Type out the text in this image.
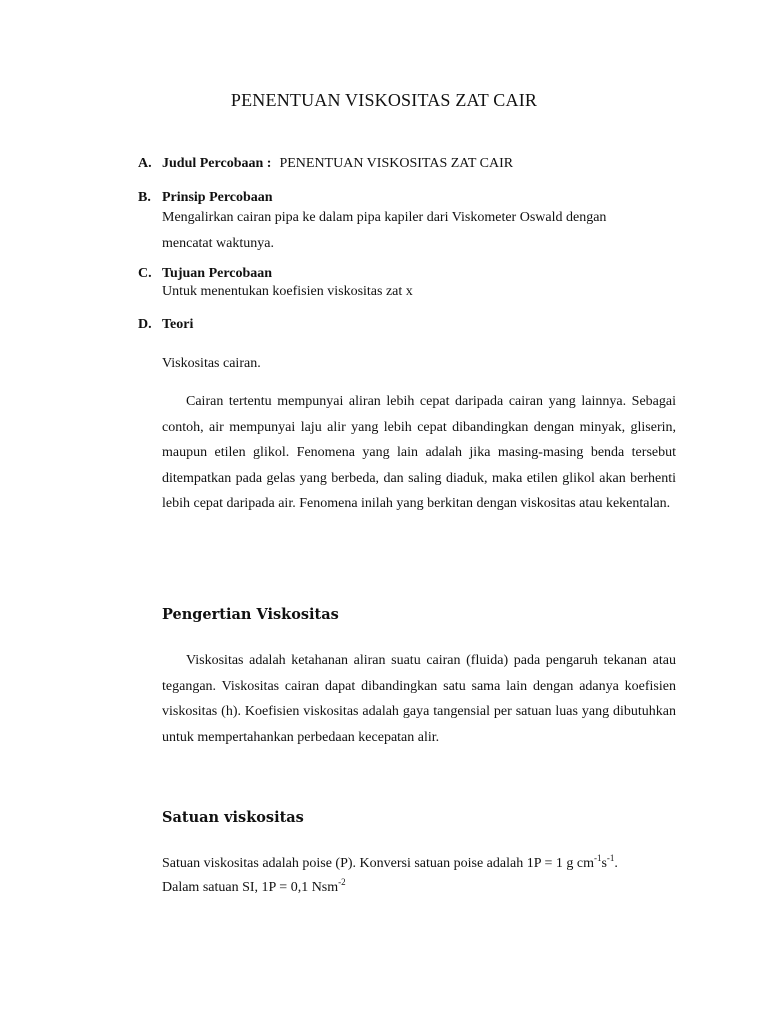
PENENTUAN VISKOSITAS ZAT CAIR
A. Judul Percobaan : PENENTUAN VISKOSITAS ZAT CAIR
B. Prinsip Percobaan
Mengalirkan cairan pipa ke dalam pipa kapiler dari Viskometer Oswald dengan
mencatat waktunya.
C. Tujuan Percobaan
Untuk menentukan koefisien viskositas zat x
D. Teori
Viskositas cairan.
Cairan tertentu mempunyai aliran lebih cepat daripada cairan yang lainnya. Sebagai contoh, air mempunyai laju alir yang lebih cepat dibandingkan dengan minyak, gliserin, maupun etilen glikol. Fenomena yang lain adalah jika masing-masing benda tersebut ditempatkan pada gelas yang berbeda, dan saling diaduk, maka etilen glikol akan berhenti lebih cepat daripada air. Fenomena inilah yang berkitan dengan viskositas atau kekentalan.
Pengertian Viskositas
Viskositas adalah ketahanan aliran suatu cairan (fluida) pada pengaruh tekanan atau tegangan. Viskositas cairan dapat dibandingkan satu sama lain dengan adanya koefisien viskositas (h). Koefisien viskositas adalah gaya tangensial per satuan luas yang dibutuhkan untuk mempertahankan perbedaan kecepatan alir.
Satuan viskositas
Satuan viskositas adalah poise (P). Konversi satuan poise adalah 1P = 1 g $cm^{-1}s^{-1}$.
Dalam satuan SI, 1P = 0,1 Nsm$^{-2}$
